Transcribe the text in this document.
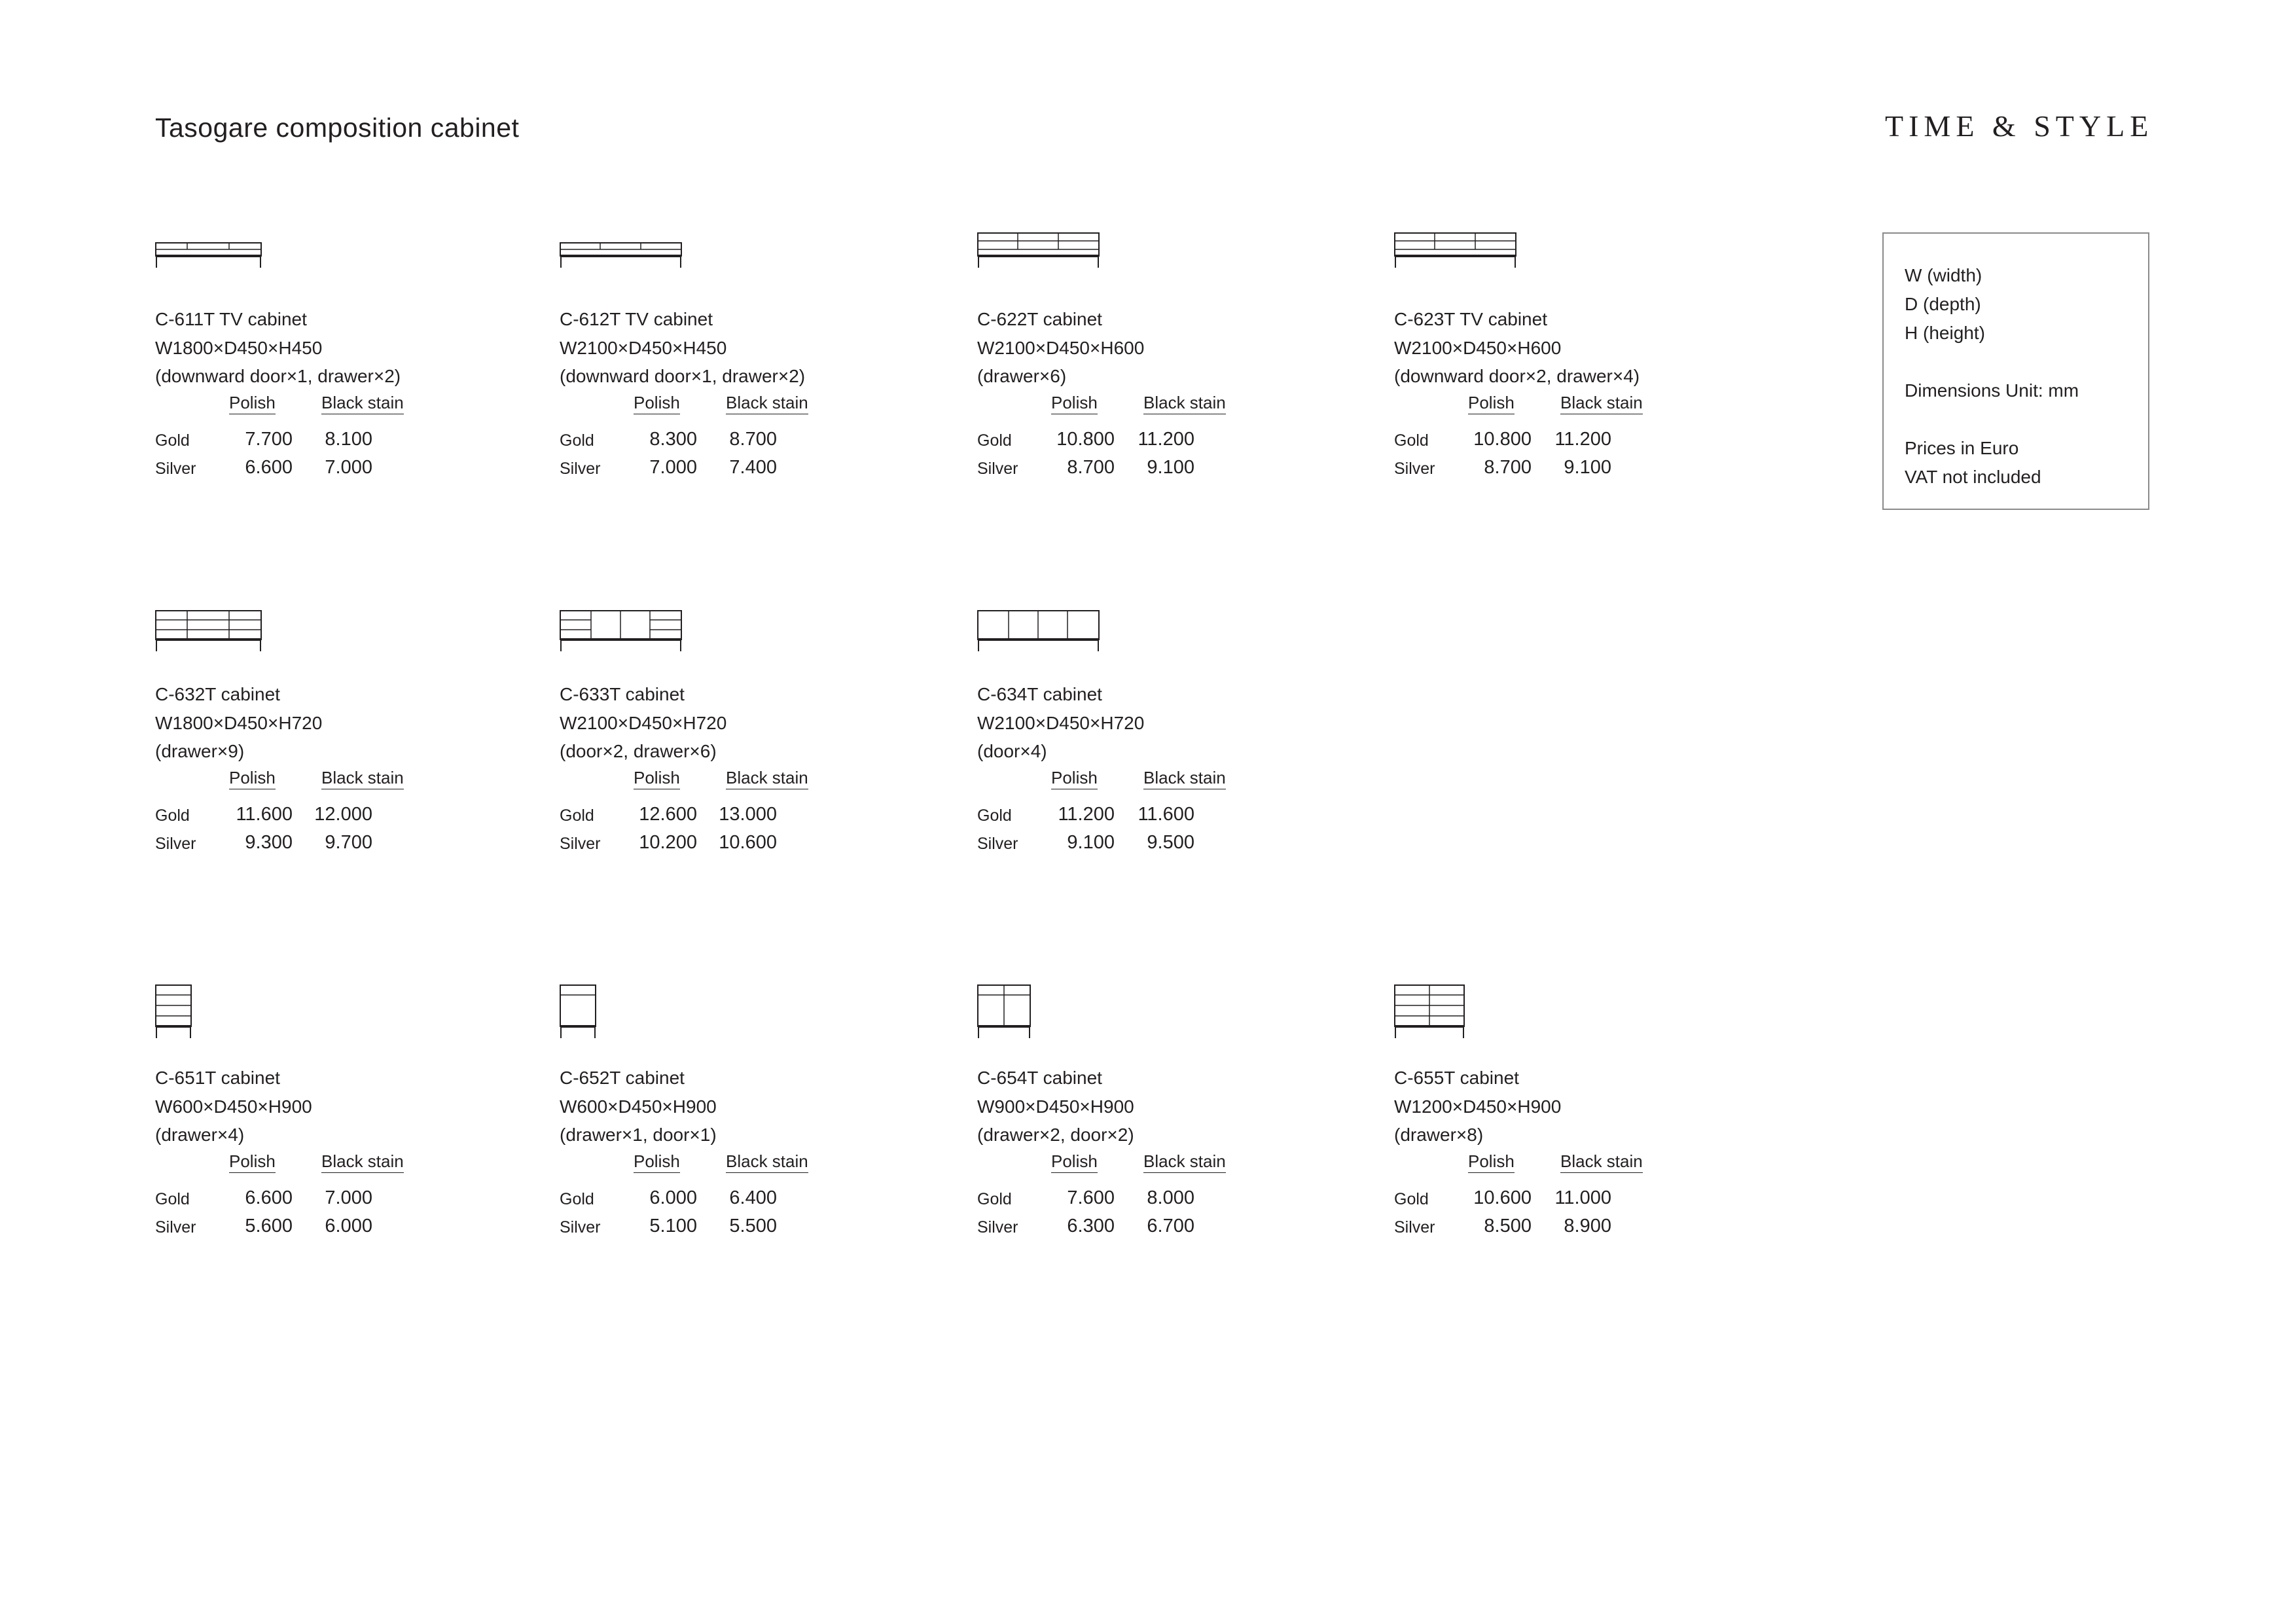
Tasogare composition cabinet	TIME & STYLE
W (width)
D (depth)
H (height)
Dimensions Unit: mm
Prices in Euro
VAT not included
C-611T TV cabinet
W1800×D450×H450
(downward door×1, drawer×2)
Polish	Black stain
Gold	7.700	8.100
Silver	6.600	7.000
C-612T TV cabinet
W2100×D450×H450
(downward door×1, drawer×2)
Polish	Black stain
Gold	8.300	8.700
Silver	7.000	7.400
C-622T cabinet
W2100×D450×H600
(drawer×6)
Polish	Black stain
Gold	10.800	11.200
Silver	8.700	9.100
C-623T TV cabinet
W2100×D450×H600
(downward door×2, drawer×4)
Polish	Black stain
Gold	10.800	11.200
Silver	8.700	9.100
C-632T cabinet
W1800×D450×H720
(drawer×9)
Polish	Black stain
Gold	11.600	12.000
Silver	9.300	9.700
C-633T cabinet
W2100×D450×H720
(door×2, drawer×6)
Polish	Black stain
Gold	12.600	13.000
Silver	10.200	10.600
C-634T cabinet
W2100×D450×H720
(door×4)
Polish	Black stain
Gold	11.200	11.600
Silver	9.100	9.500
C-651T cabinet
W600×D450×H900
(drawer×4)
Polish	Black stain
Gold	6.600	7.000
Silver	5.600	6.000
C-652T cabinet
W600×D450×H900
(drawer×1, door×1)
Polish	Black stain
Gold	6.000	6.400
Silver	5.100	5.500
C-654T cabinet
W900×D450×H900
(drawer×2, door×2)
Polish	Black stain
Gold	7.600	8.000
Silver	6.300	6.700
C-655T cabinet
W1200×D450×H900
(drawer×8)
Polish	Black stain
Gold	10.600	11.000
Silver	8.500	8.900
